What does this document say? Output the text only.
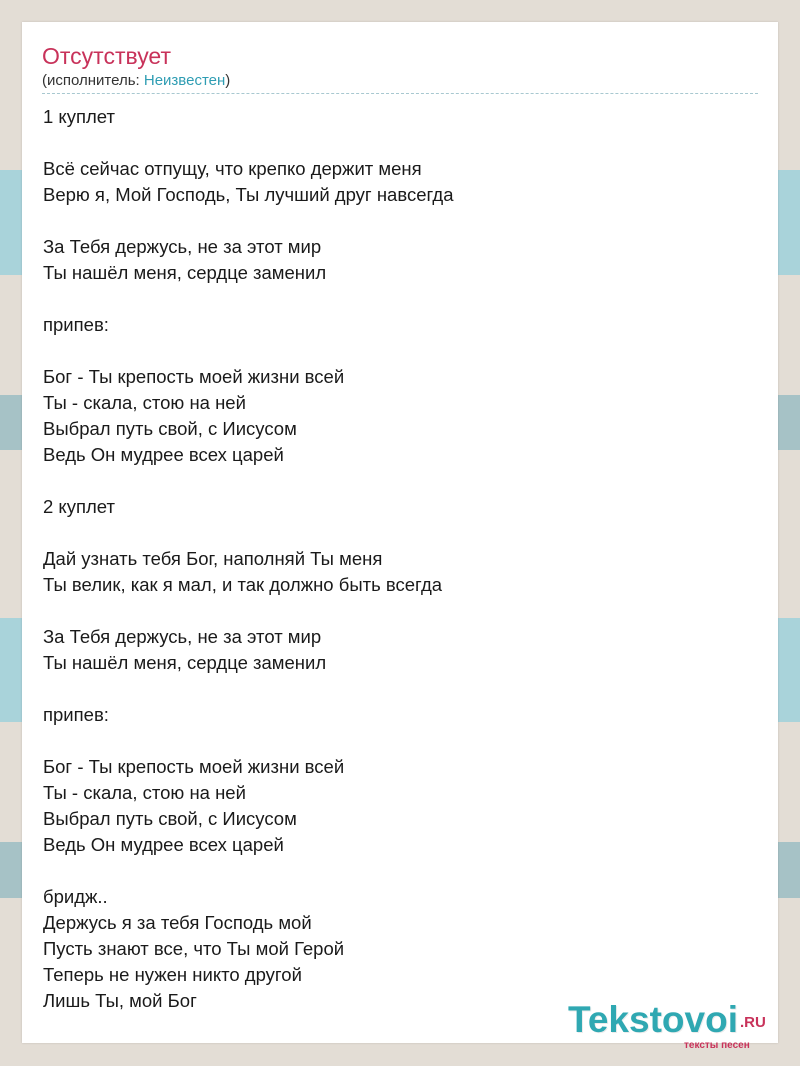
Отсутствует
(исполнитель: Неизвестен)
1 куплет
Всё сейчас отпущу, что крепко держит меня
Верю я, Мой Господь, Ты лучший друг навсегда
За Тебя держусь, не за этот мир
Ты нашёл меня, сердце заменил
припев:
Бог - Ты крепость моей жизни всей
Ты - скала, стою на ней
Выбрал путь свой, с Иисусом
Ведь Он мудрее всех царей
2 куплет
Дай узнать тебя Бог, наполняй Ты меня
Ты велик, как я мал, и так должно быть всегда
За Тебя держусь, не за этот мир
Ты нашёл меня, сердце заменил
припев:
Бог - Ты крепость моей жизни всей
Ты - скала, стою на ней
Выбрал путь свой, с Иисусом
Ведь Он мудрее всех царей
бридж..
Держусь я за тебя Господь мой
Пусть знают все, что Ты мой Герой
Теперь не нужен никто другой
Лишь Ты, мой Бог	Tekstovoi .RU
тексты песен
